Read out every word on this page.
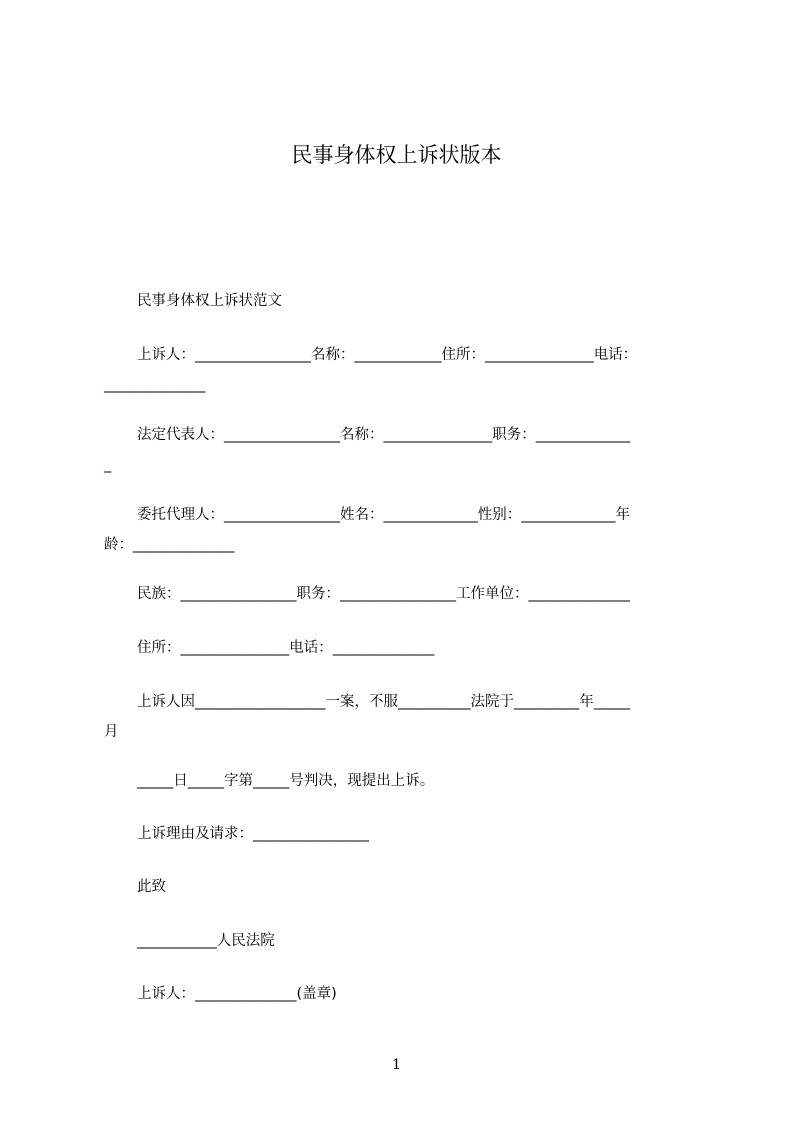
民事身体权上诉状版本
民事身体权上诉状范文
上诉人：________________名称：____________住所：_______________电话：
______________
法定代表人：________________名称：_______________职务：_____________
_
委托代理人：________________姓名：_____________性别：_____________年
龄：______________
民族：________________职务：________________工作单位：______________
住所：_______________电话：______________
上诉人因__________________一案，不服__________法院于_________年_____
月
_____日_____字第_____号判决，现提出上诉。
上诉理由及请求：________________
此致
___________人民法院
上诉人：______________(盖章)
1
